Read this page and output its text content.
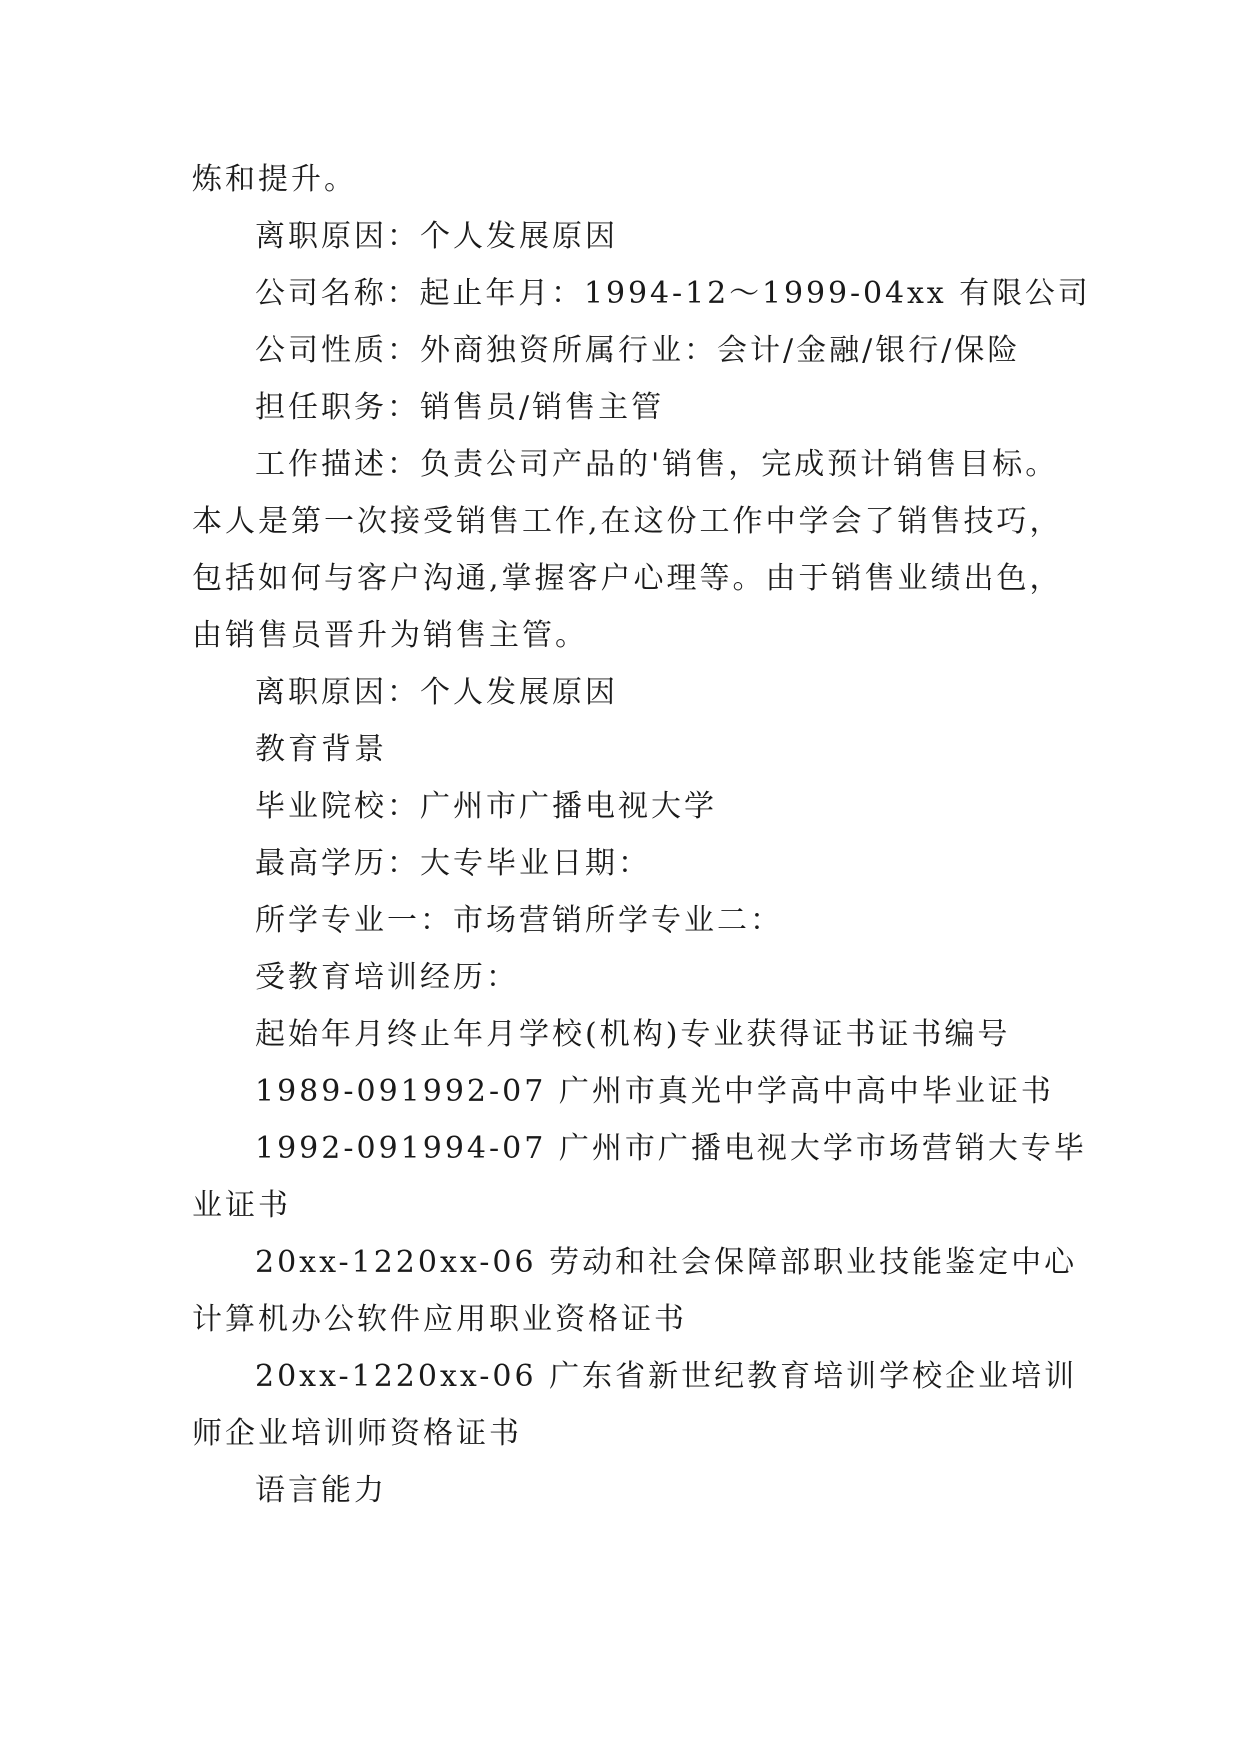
炼和提升。
离职原因：个人发展原因
公司名称：起止年月：1994-12～1999-04xx 有限公司
公司性质：外商独资所属行业：会计/金融/银行/保险
担任职务：销售员/销售主管
工作描述：负责公司产品的'销售，完成预计销售目标。
本人是第一次接受销售工作,在这份工作中学会了销售技巧，
包括如何与客户沟通,掌握客户心理等。由于销售业绩出色，
由销售员晋升为销售主管。
离职原因：个人发展原因
教育背景
毕业院校：广州市广播电视大学
最高学历：大专毕业日期：
所学专业一：市场营销所学专业二：
受教育培训经历：
起始年月终止年月学校(机构)专业获得证书证书编号
1989-091992-07 广州市真光中学高中高中毕业证书
1992-091994-07 广州市广播电视大学市场营销大专毕
业证书
20xx-1220xx-06 劳动和社会保障部职业技能鉴定中心
计算机办公软件应用职业资格证书
20xx-1220xx-06 广东省新世纪教育培训学校企业培训
师企业培训师资格证书
语言能力
